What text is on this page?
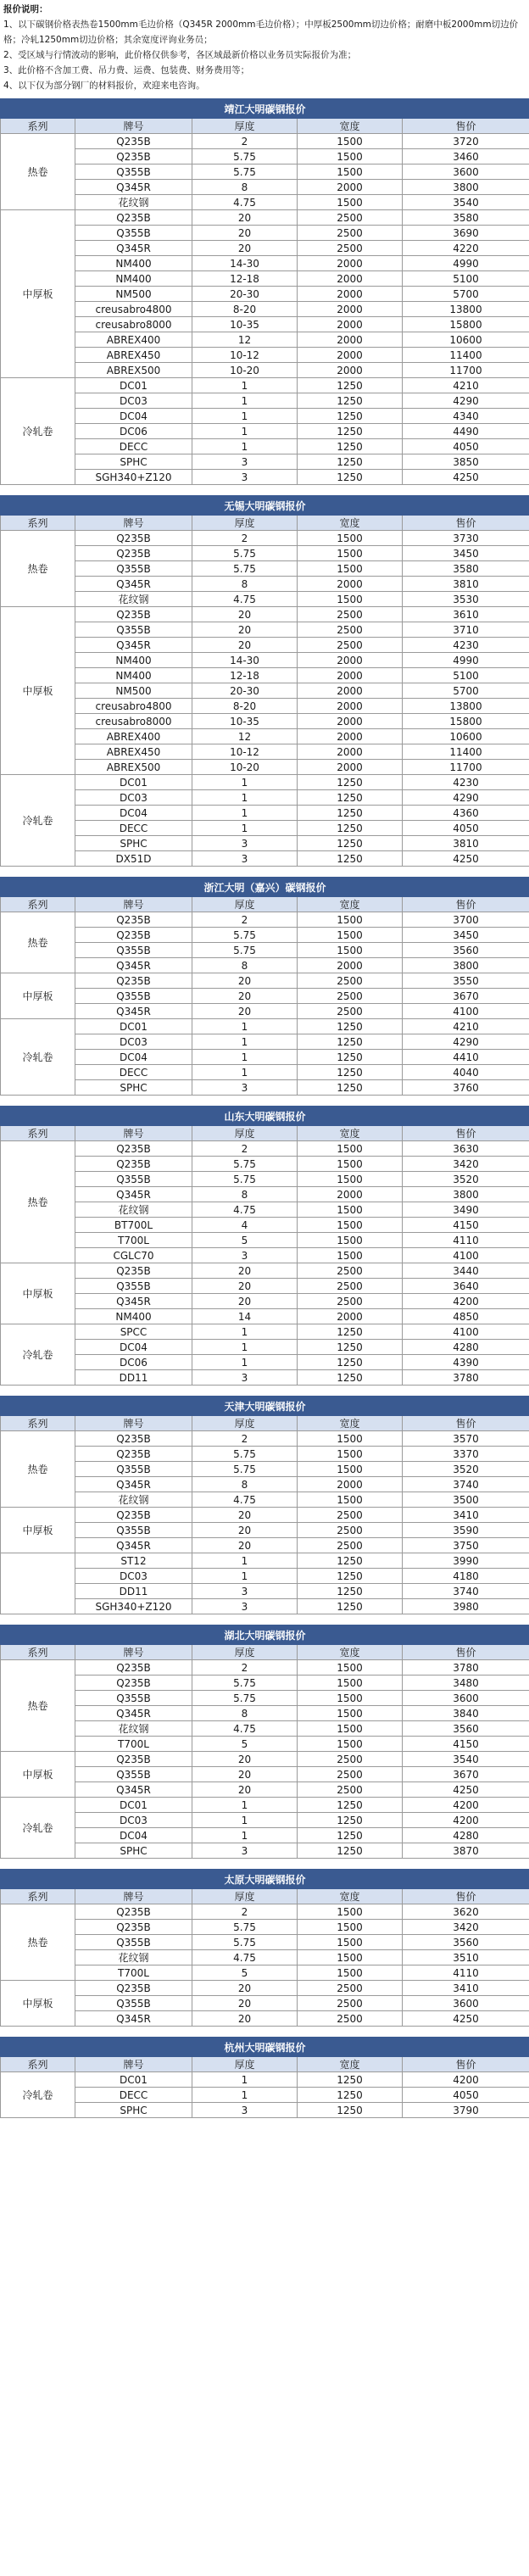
报价说明：
1、以下碳钢价格表热卷1500mm毛边价格（Q345R 2000mm毛边价格）；中厚板2500mm切边价格；耐磨中板2000mm切边价格；冷轧1250mm切边价格；其余宽度评询业务员；
2、受区域与行情波动的影响，此价格仅供参考，各区域最新价格以业务员实际报价为准；
3、此价格不含加工费、吊力费、运费、包装费、财务费用等；
4、以下仅为部分钢厂的材料报价，欢迎来电咨询。
靖江大明碳钢报价				
系列	牌号	厚度	宽度	售价
热卷	Q235B	2	1500	3720
	Q235B	5.75	1500	3460
	Q355B	5.75	1500	3600
	Q345R	8	2000	3800
	花纹钢	4.75	1500	3540
中厚板	Q235B	20	2500	3580
	Q355B	20	2500	3690
	Q345R	20	2500	4220
	NM400	14-30	2000	4990
	NM400	12-18	2000	5100
	NM500	20-30	2000	5700
	creusabro4800	8-20	2000	13800
	creusabro8000	10-35	2000	15800
	ABREX400	12	2000	10600
	ABREX450	10-12	2000	11400
	ABREX500	10-20	2000	11700
冷轧卷	DC01	1	1250	4210
	DC03	1	1250	4290
	DC04	1	1250	4340
	DC06	1	1250	4490
	DECC	1	1250	4050
	SPHC	3	1250	3850
	SGH340+Z120	3	1250	4250
无锡大明碳钢报价				
系列	牌号	厚度	宽度	售价
热卷	Q235B	2	1500	3730
	Q235B	5.75	1500	3450
	Q355B	5.75	1500	3580
	Q345R	8	2000	3810
	花纹钢	4.75	1500	3530
中厚板	Q235B	20	2500	3610
	Q355B	20	2500	3710
	Q345R	20	2500	4230
	NM400	14-30	2000	4990
	NM400	12-18	2000	5100
	NM500	20-30	2000	5700
	creusabro4800	8-20	2000	13800
	creusabro8000	10-35	2000	15800
	ABREX400	12	2000	10600
	ABREX450	10-12	2000	11400
	ABREX500	10-20	2000	11700
冷轧卷	DC01	1	1250	4230
	DC03	1	1250	4290
	DC04	1	1250	4360
	DECC	1	1250	4050
	SPHC	3	1250	3810
	DX51D	3	1250	4250
浙江大明（嘉兴）碳钢报价				
系列	牌号	厚度	宽度	售价
热卷	Q235B	2	1500	3700
	Q235B	5.75	1500	3450
	Q355B	5.75	1500	3560
	Q345R	8	2000	3800
中厚板	Q235B	20	2500	3550
	Q355B	20	2500	3670
	Q345R	20	2500	4100
冷轧卷	DC01	1	1250	4210
	DC03	1	1250	4290
	DC04	1	1250	4410
	DECC	1	1250	4040
	SPHC	3	1250	3760
山东大明碳钢报价				
系列	牌号	厚度	宽度	售价
热卷	Q235B	2	1500	3630
	Q235B	5.75	1500	3420
	Q355B	5.75	1500	3520
	Q345R	8	2000	3800
	花纹钢	4.75	1500	3490
	BT700L	4	1500	4150
	T700L	5	1500	4110
	CGLC70	3	1500	4100
中厚板	Q235B	20	2500	3440
	Q355B	20	2500	3640
	Q345R	20	2500	4200
	NM400	14	2000	4850
冷轧卷	SPCC	1	1250	4100
	DC04	1	1250	4280
	DC06	1	1250	4390
	DD11	3	1250	3780
天津大明碳钢报价				
系列	牌号	厚度	宽度	售价
热卷	Q235B	2	1500	3570
	Q235B	5.75	1500	3370
	Q355B	5.75	1500	3520
	Q345R	8	2000	3740
	花纹钢	4.75	1500	3500
中厚板	Q235B	20	2500	3410
	Q355B	20	2500	3590
	Q345R	20	2500	3750
	ST12	1	1250	3990
	DC03	1	1250	4180
	DD11	3	1250	3740
	SGH340+Z120	3	1250	3980
湖北大明碳钢报价				
系列	牌号	厚度	宽度	售价
热卷	Q235B	2	1500	3780
	Q235B	5.75	1500	3480
	Q355B	5.75	1500	3600
	Q345R	8	1500	3840
	花纹钢	4.75	1500	3560
	T700L	5	1500	4150
中厚板	Q235B	20	2500	3540
	Q355B	20	2500	3670
	Q345R	20	2500	4250
冷轧卷	DC01	1	1250	4200
	DC03	1	1250	4200
	DC04	1	1250	4280
	SPHC	3	1250	3870
太原大明碳钢报价				
系列	牌号	厚度	宽度	售价
热卷	Q235B	2	1500	3620
	Q235B	5.75	1500	3420
	Q355B	5.75	1500	3560
	花纹钢	4.75	1500	3510
	T700L	5	1500	4110
中厚板	Q235B	20	2500	3410
	Q355B	20	2500	3600
	Q345R	20	2500	4250
杭州大明碳钢报价				
系列	牌号	厚度	宽度	售价
冷轧卷	DC01	1	1250	4200
	DECC	1	1250	4050
	SPHC	3	1250	3790
